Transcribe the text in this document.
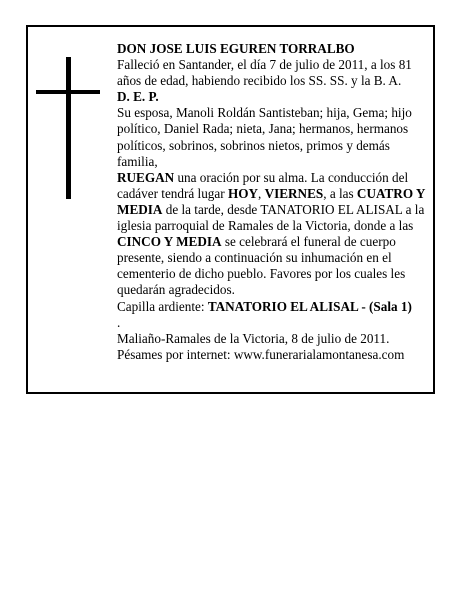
DON JOSE LUIS EGUREN TORRALBO

Falleció en Santander, el día 7 de julio de 2011, a los 81 años de edad, habiendo recibido los SS. SS. y la B. A.

D. E. P.

Su esposa, Manoli Roldán Santisteban; hija, Gema; hijo político, Daniel Rada; nieta, Jana; hermanos, hermanos políticos, sobrinos, sobrinos nietos, primos y demás familia,

RUEGAN una oración por su alma. La conducción del cadáver tendrá lugar HOY, VIERNES, a las CUATRO Y MEDIA de la tarde, desde TANATORIO EL ALISAL a la iglesia parroquial de Ramales de la Victoria, donde a las CINCO Y MEDIA se celebrará el funeral de cuerpo presente, siendo a continuación su inhumación en el cementerio de dicho pueblo. Favores por los cuales les quedarán agradecidos.

Capilla ardiente: TANATORIO EL ALISAL - (Sala 1)
.

Maliaño-Ramales de la Victoria, 8 de julio de 2011.

Pésames por internet: www.funerarialamontanesa.com
